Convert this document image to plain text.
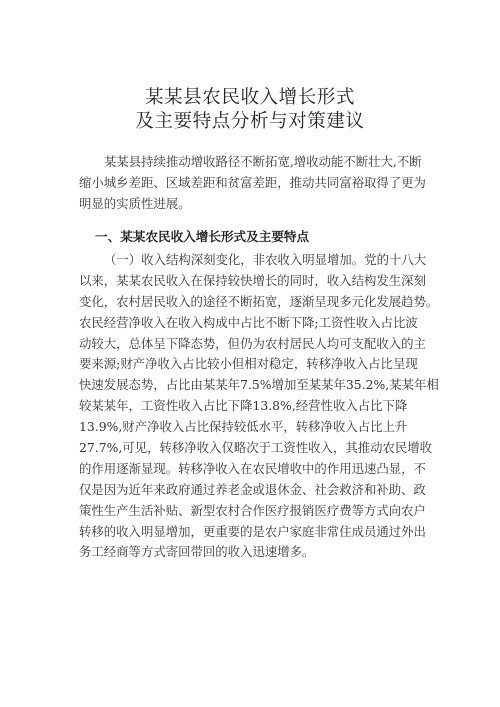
某某县农民收入增长形式
及主要特点分析与对策建议
某某县持续推动增收路径不断拓宽,增收动能不断壮大,不断
缩小城乡差距、区域差距和贫富差距，推动共同富裕取得了更为
明显的实质性进展。
一、某某农民收入增长形式及主要特点
（一）收入结构深刻变化，非农收入明显增加。党的十八大
以来，某某农民收入在保持较快增长的同时，收入结构发生深刻
变化，农村居民收入的途径不断拓宽，逐渐呈现多元化发展趋势。
农民经营净收入在收入构成中占比不断下降;工资性收入占比波
动较大，总体呈下降态势，但仍为农村居民人均可支配收入的主
要来源;财产净收入占比较小但相对稳定，转移净收入占比呈现
快速发展态势，占比由某某年7.5%增加至某某年35.2%,某某年相
较某某年，工资性收入占比下降13.8%,经营性收入占比下降
13.9%,财产净收入占比保持较低水平，转移净收入占比上升
27.7%,可见，转移净收入仅略次于工资性收入，其推动农民增收
的作用逐渐显现。转移净收入在农民增收中的作用迅速凸显，不
仅是因为近年来政府通过养老金或退休金、社会救济和补助、政
策性生产生活补贴、新型农村合作医疗报销医疗费等方式向农户
转移的收入明显增加，更重要的是农户家庭非常住成员通过外出
务工经商等方式寄回带回的收入迅速增多。
